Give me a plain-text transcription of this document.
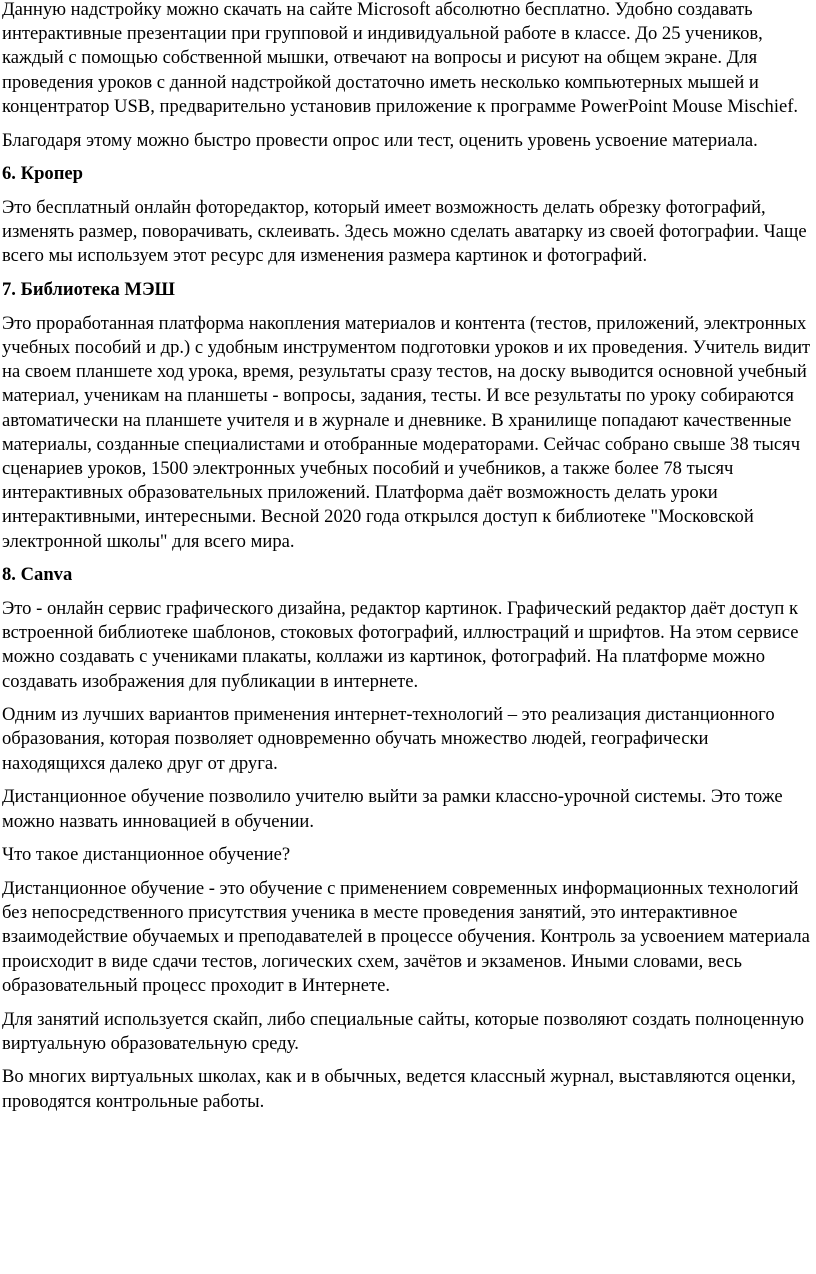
Данную надстройку можно скачать на сайте Microsoft абсолютно бесплатно. Удобно создавать интерактивные презентации при групповой и индивидуальной работе в классе. До 25 учеников, каждый с помощью собственной мышки, отвечают на вопросы и рисуют на общем экране. Для проведения уроков с данной надстройкой достаточно иметь несколько компьютерных мышей и концентратор USB, предварительно установив приложение к программе PowerPoint Mouse Mischief.

Благодаря этому можно быстро провести опрос или тест, оценить уровень усвоение материала.

6. Кропер

Это бесплатный онлайн фоторедактор, который имеет возможность делать обрезку фотографий, изменять размер, поворачивать, склеивать. Здесь можно сделать аватарку из своей фотографии. Чаще всего мы используем этот ресурс для изменения размера картинок и фотографий.

7. Библиотека МЭШ

Это проработанная платформа накопления материалов и контента (тестов, приложений, электронных учебных пособий и др.) с удобным инструментом подготовки уроков и их проведения. Учитель видит на своем планшете ход урока, время, результаты сразу тестов, на доску выводится основной учебный материал, ученикам на планшеты - вопросы, задания, тесты. И все результаты по уроку собираются автоматически на планшете учителя и в журнале и дневнике. В хранилище попадают качественные материалы, созданные специалистами и отобранные модераторами. Сейчас собрано свыше 38 тысяч сценариев уроков, 1500 электронных учебных пособий и учебников, а также более 78 тысяч интерактивных образовательных приложений. Платформа даёт возможность делать уроки интерактивными, интересными. Весной 2020 года открылся доступ к библиотеке "Московской электронной школы" для всего мира.

8. Canva

Это - онлайн сервис графического дизайна, редактор картинок. Графический редактор даёт доступ к встроенной библиотеке шаблонов, стоковых фотографий, иллюстраций и шрифтов. На этом сервисе можно создавать с учениками плакаты, коллажи из картинок, фотографий. На платформе можно создавать изображения для публикации в интернете.

Одним из лучших вариантов применения интернет-технологий – это реализация дистанционного образования, которая позволяет одновременно обучать множество людей, географически находящихся далеко друг от друга.

Дистанционное обучение позволило учителю выйти за рамки классно-урочной системы. Это тоже можно назвать инновацией в обучении.

Что такое дистанционное обучение?

Дистанционное обучение - это обучение с применением современных информационных технологий без непосредственного присутствия ученика в месте проведения занятий, это интерактивное взаимодействие обучаемых и преподавателей в процессе обучения. Контроль за усвоением материала происходит в виде сдачи тестов, логических схем, зачётов и экзаменов. Иными словами, весь образовательный процесс проходит в Интернете.

Для занятий используется скайп, либо специальные сайты, которые позволяют создать полноценную виртуальную образовательную среду.

Во многих виртуальных школах, как и в обычных, ведется классный журнал, выставляются оценки, проводятся контрольные работы.
